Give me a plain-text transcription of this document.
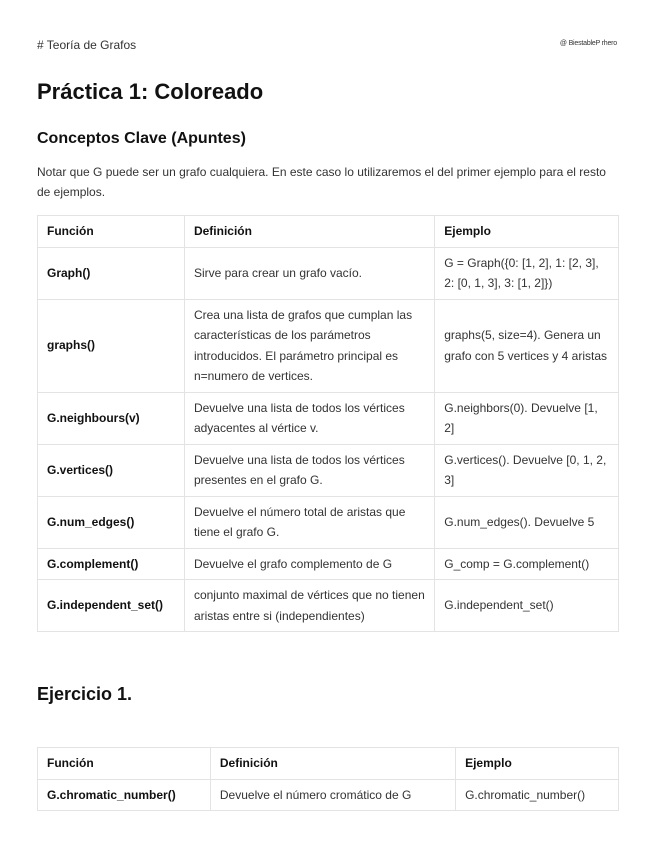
# Teoría de Grafos	@ BiestableP rhero
Práctica 1: Coloreado
Conceptos Clave (Apuntes)

Notar que G puede ser un grafo cualquiera. En este caso lo utilizaremos el del primer ejemplo para el resto de ejemplos.

Función	Definición	Ejemplo
Graph()	Sirve para crear un grafo vacío.	G = Graph({0: [1, 2], 1: [2, 3], 2: [0, 1, 3], 3: [1, 2]})
graphs()	Crea una lista de grafos que cumplan las características de los parámetros introducidos. El parámetro principal es n=numero de vertices.	graphs(5, size=4). Genera un grafo con 5 vertices y 4 aristas
G.neighbours(v)	Devuelve una lista de todos los vértices adyacentes al vértice v.	G.neighbors(0). Devuelve [1, 2]
G.vertices()	Devuelve una lista de todos los vértices presentes en el grafo G.	G.vertices(). Devuelve [0, 1, 2, 3]
G.num_edges()	Devuelve el número total de aristas que tiene el grafo G.	G.num_edges(). Devuelve 5
G.complement()	Devuelve el grafo complemento de G	G_comp = G.complement()
G.independent_set()	conjunto maximal de vértices que no tienen aristas entre si (independientes)	G.independent_set()
Ejercicio 1.
Función	Definición	Ejemplo
G.chromatic_number()	Devuelve el número cromático de G	G.chromatic_number()
